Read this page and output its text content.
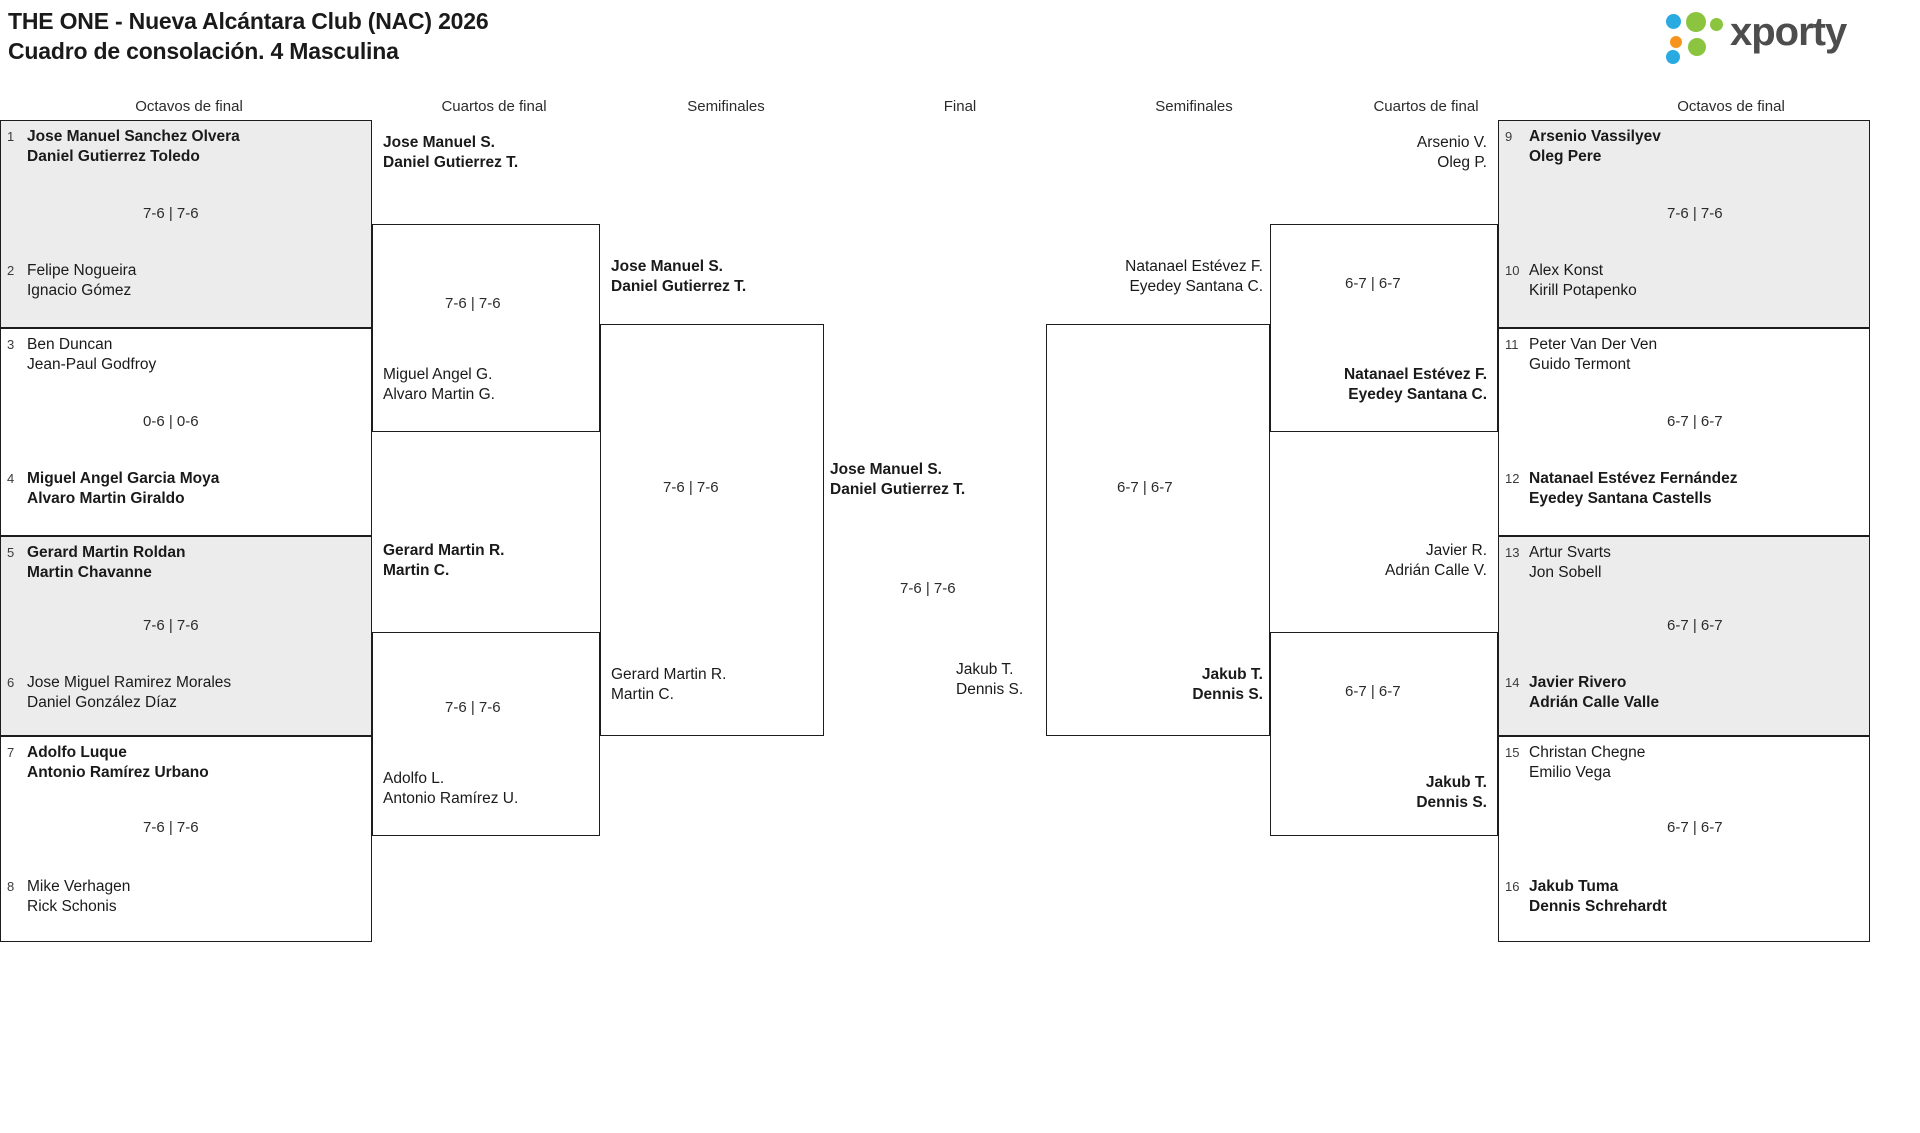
THE ONE - Nueva Alcántara Club (NAC) 2026
Cuadro de consolación. 4 Masculina	xporty
Octavos de final	Cuartos de final	Semifinales	Final	Semifinales	Cuartos de final	Octavos de final
1 Jose Manuel Sanchez Olvera
Daniel Gutierrez Toledo
7-6 | 7-6
2 Felipe Nogueira
Ignacio Gómez
3 Ben Duncan
Jean-Paul Godfroy
0-6 | 0-6
4 Miguel Angel Garcia Moya
Alvaro Martin Giraldo
5 Gerard Martin Roldan
Martin Chavanne
7-6 | 7-6
6 Jose Miguel Ramirez Morales
Daniel González Díaz
7 Adolfo Luque
Antonio Ramírez Urbano
7-6 | 7-6
8 Mike Verhagen
Rick Schonis
Jose Manuel S.
Daniel Gutierrez T.
7-6 | 7-6
Miguel Angel G.
Alvaro Martin G.
Gerard Martin R.
Martin C.
7-6 | 7-6
Adolfo L.
Antonio Ramírez U.
Jose Manuel S.
Daniel Gutierrez T.
7-6 | 7-6
Gerard Martin R.
Martin C.
Jose Manuel S.
Daniel Gutierrez T.
7-6 | 7-6
Jakub T.
Dennis S.
Natanael Estévez F.
Eyedey Santana C.
6-7 | 6-7
Jakub T.
Dennis S.
Arsenio V.
Oleg P.
6-7 | 6-7
Natanael Estévez F.
Eyedey Santana C.
Javier R.
Adrián Calle V.
6-7 | 6-7
Jakub T.
Dennis S.
9 Arsenio Vassilyev
Oleg Pere
7-6 | 7-6
10 Alex Konst
Kirill Potapenko
11 Peter Van Der Ven
Guido Termont
6-7 | 6-7
12 Natanael Estévez Fernández
Eyedey Santana Castells
13 Artur Svarts
Jon Sobell
6-7 | 6-7
14 Javier Rivero
Adrián Calle Valle
15 Christan Chegne
Emilio Vega
6-7 | 6-7
16 Jakub Tuma
Dennis Schrehardt
